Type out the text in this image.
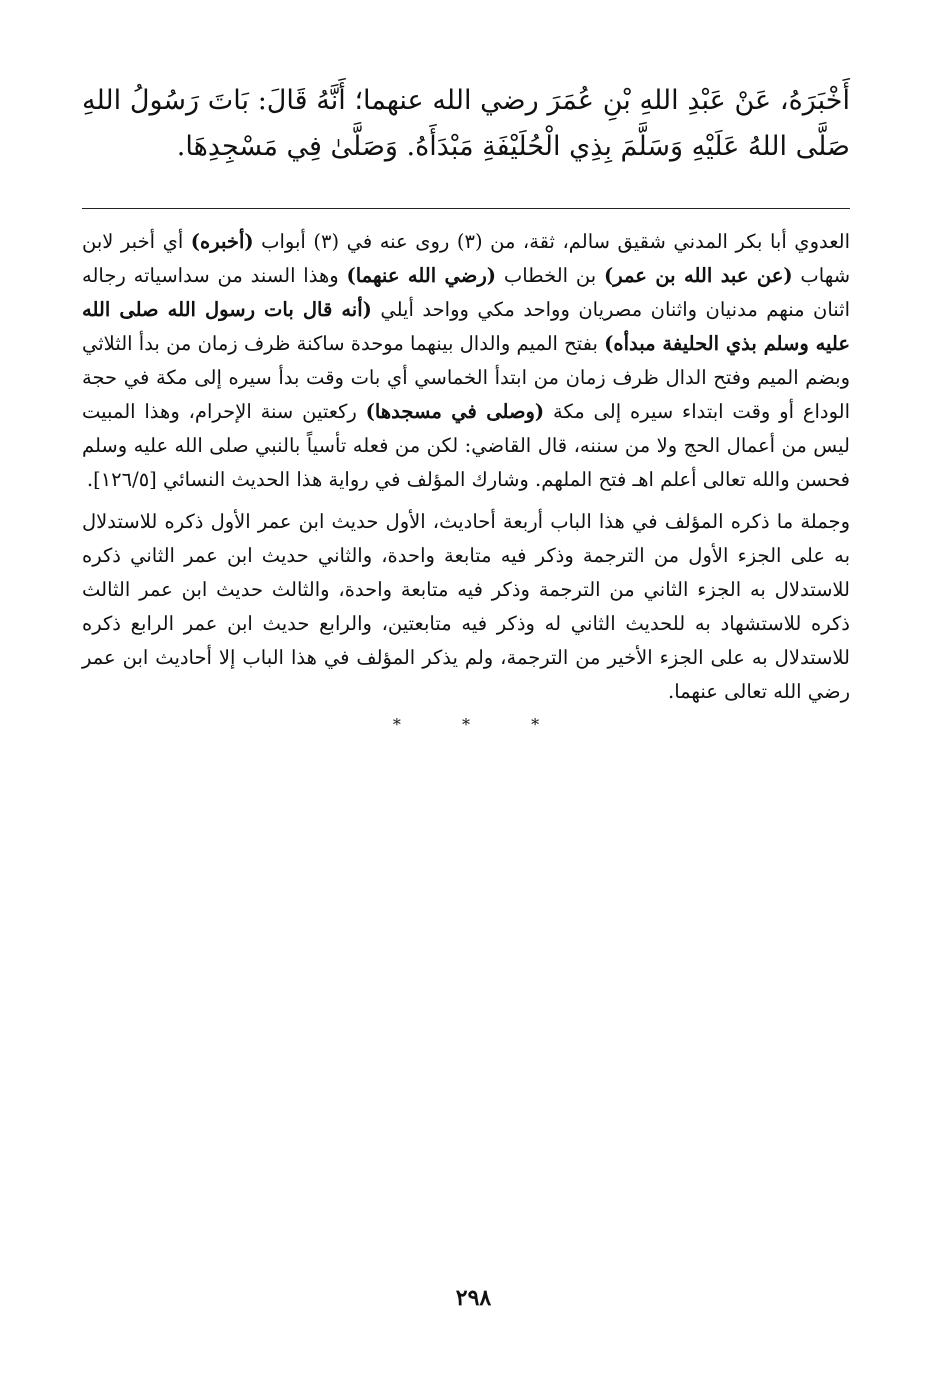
أَخْبَرَهُ، عَنْ عَبْدِ اللهِ بْنِ عُمَرَ رضي الله عنهما؛ أَنَّهُ قَالَ: بَاتَ رَسُولُ اللهِ صَلَّى اللهُ عَلَيْهِ وَسَلَّمَ بِذِي الْحُلَيْفَةِ مَبْدَأَهُ. وَصَلَّىٰ فِي مَسْجِدِهَا.

العدوي أبا بكر المدني شقيق سالم، ثقة، من (٣) روى عنه في (٣) أبواب (أخبره) أي أخبر لابن شهاب (عن عبد الله بن عمر) بن الخطاب (رضي الله عنهما) وهذا السند من سداسياته رجاله اثنان منهم مدنيان واثنان مصريان وواحد مكي وواحد أيلي (أنه قال بات رسول الله صلى الله عليه وسلم بذي الحليفة مبدأه) بفتح الميم والدال بينهما موحدة ساكنة ظرف زمان من بدأ الثلاثي وبضم الميم وفتح الدال ظرف زمان من ابتدأ الخماسي أي بات وقت بدأ سيره إلى مكة في حجة الوداع أو وقت ابتداء سيره إلى مكة (وصلى في مسجدها) ركعتين سنة الإحرام، وهذا المبيت ليس من أعمال الحج ولا من سننه، قال القاضي: لكن من فعله تأسياً بالنبي صلى الله عليه وسلم فحسن والله تعالى أعلم اهـ فتح الملهم. وشارك المؤلف في رواية هذا الحديث النسائي [١٢٦/٥].

وجملة ما ذكره المؤلف في هذا الباب أربعة أحاديث، الأول حديث ابن عمر الأول ذكره للاستدلال به على الجزء الأول من الترجمة وذكر فيه متابعة واحدة، والثاني حديث ابن عمر الثاني ذكره للاستدلال به الجزء الثاني من الترجمة وذكر فيه متابعة واحدة، والثالث حديث ابن عمر الثالث ذكره للاستشهاد به للحديث الثاني له وذكر فيه متابعتين، والرابع حديث ابن عمر الرابع ذكره للاستدلال به على الجزء الأخير من الترجمة، ولم يذكر المؤلف في هذا الباب إلا أحاديث ابن عمر رضي الله تعالى عنهما.

* * *
٢٩٨
